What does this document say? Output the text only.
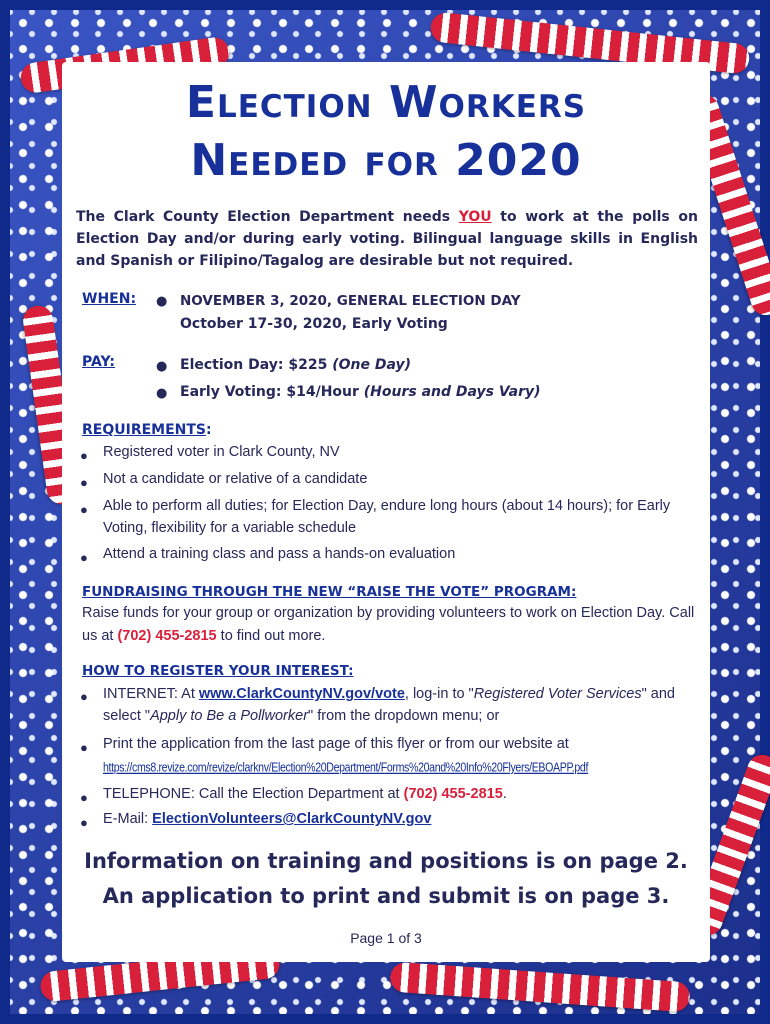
Election Workers
Needed for 2020

The Clark County Election Department needs YOU to work at the polls on Election Day and/or during early voting. Bilingual language skills in English and Spanish or Filipino/Tagalog are desirable but not required.

WHEN: ● NOVEMBER 3, 2020, GENERAL ELECTION DAY
October 17-30, 2020, Early Voting
PAY:	● Election Day: $225 (One Day)
● Early Voting: $14/Hour (Hours and Days Vary)
REQUIREMENTS:
● Registered voter in Clark County, NV
● Not a candidate or relative of a candidate
● Able to perform all duties; for Election Day, endure long hours (about 14 hours); for Early Voting, flexibility for a variable schedule
● Attend a training class and pass a hands-on evaluation
FUNDRAISING THROUGH THE NEW “RAISE THE VOTE” PROGRAM:

Raise funds for your group or organization by providing volunteers to work on Election Day. Call us at (702) 455-2815 to find out more.

HOW TO REGISTER YOUR INTEREST:
● INTERNET: At www.ClarkCountyNV.gov/vote, log-in to "Registered Voter Services" and select "Apply to Be a Pollworker" from the dropdown menu; or
● Print the application from the last page of this flyer or from our website at
https://cms8.revize.com/revize/clarknv/Election%20Department/Forms%20and%20Info%20Flyers/EBOAPP.pdf
● TELEPHONE: Call the Election Department at (702) 455-2815.
● E-Mail: ElectionVolunteers@ClarkCountyNV.gov
Information on training and positions is on page 2.
An application to print and submit is on page 3.
Page 1 of 3
